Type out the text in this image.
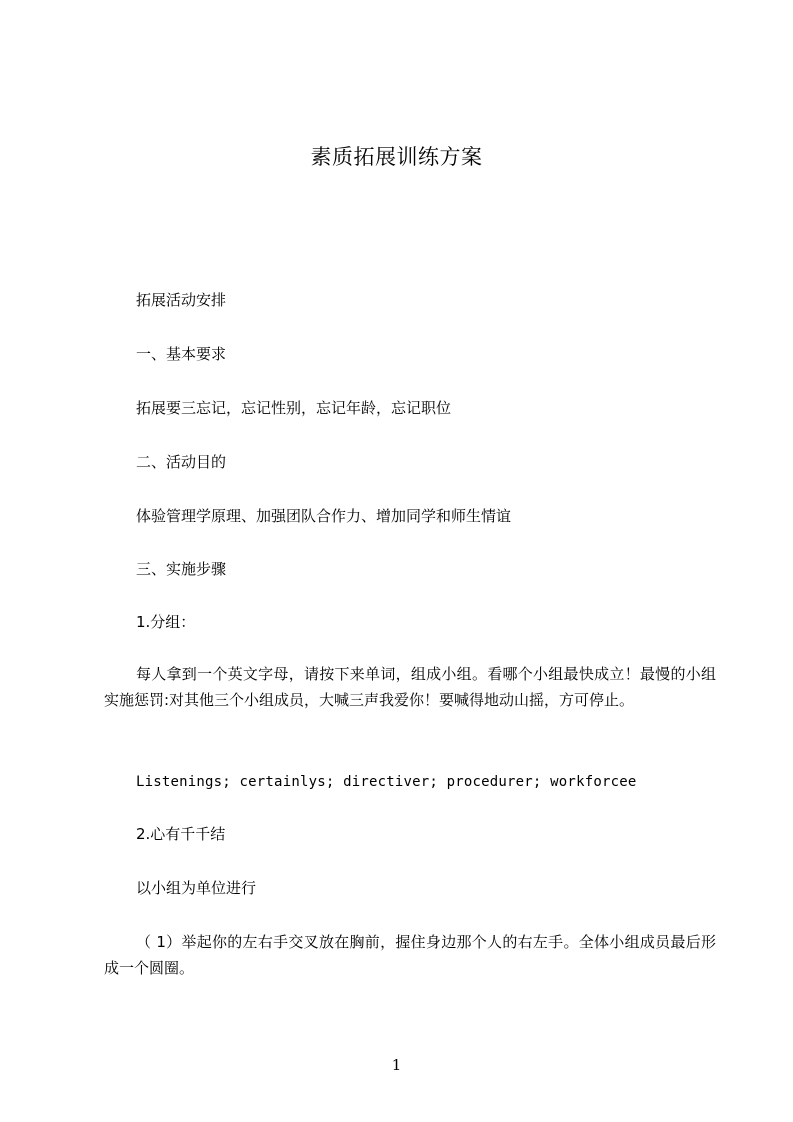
素质拓展训练方案
拓展活动安排
一、基本要求
拓展要三忘记，忘记性别，忘记年龄，忘记职位
二、活动目的
体验管理学原理、加强团队合作力、增加同学和师生情谊
三、实施步骤
1.分组：
每人拿到一个英文字母，请按下来单词，组成小组。看哪个小组最快成立！最慢的小组实施惩罚:对其他三个小组成员，大喊三声我爱你！要喊得地动山摇，方可停止。
Listenings; certainlys; directiver; procedurer; workforcee
2.心有千千结
以小组为单位进行
（ 1）举起你的左右手交叉放在胸前，握住身边那个人的右左手。全体小组成员最后形成一个圆圈。
1
